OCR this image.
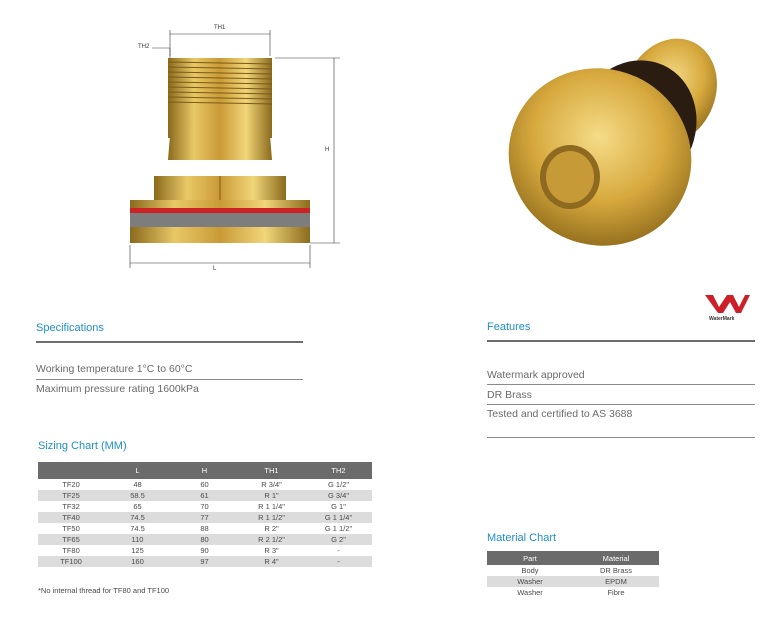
TH1
TH2
H
L
WaterMark
Specifications
Working temperature 1°C to 60°C
Maximum pressure rating 1600kPa
Features
Watermark approved
DR Brass
Tested and certified to AS 3688
Sizing Chart (MM)
	L	H	TH1	TH2
TF20	48	60	R 3/4"	G 1/2"
TF25	58.5	61	R 1"	G 3/4"
TF32	65	70	R 1 1/4"	G 1"
TF40	74.5	77	R 1 1/2"	G 1 1/4"
TF50	74.5	88	R 2"	G 1 1/2"
TF65	110	80	R 2 1/2"	G 2"
TF80	125	90	R 3"	-
TF100	160	97	R 4"	-
*No internal thread for TF80 and TF100
Material Chart
Part	Material
Body	DR Brass
Washer	EPDM
Washer	Fibre
